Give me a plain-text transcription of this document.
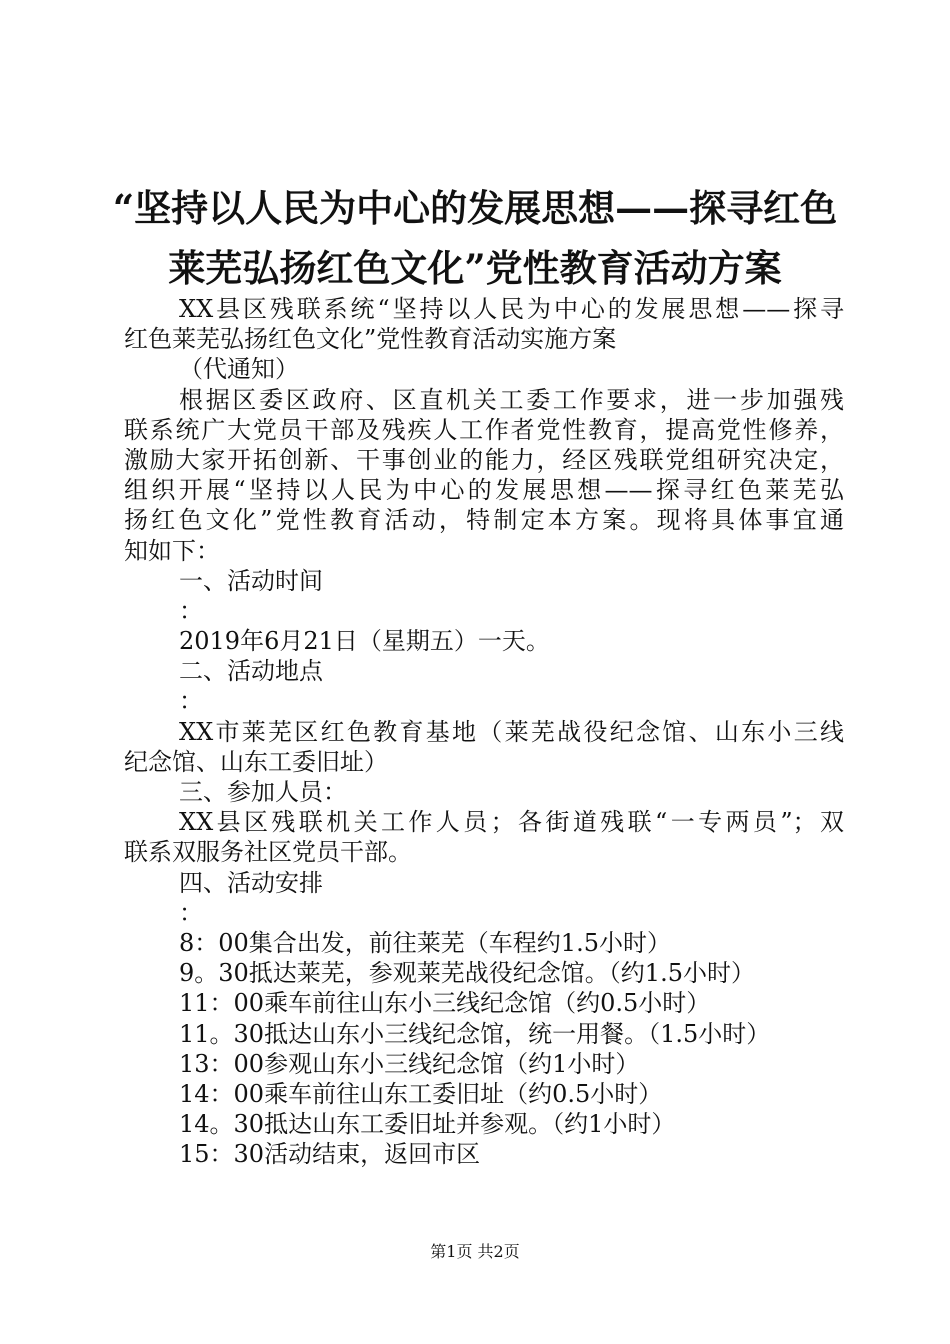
“坚持以人民为中心的发展思想——探寻红色
莱芜弘扬红色文化”党性教育活动方案
XX县区残联系统“坚持以人民为中心的发展思想——探寻
红色莱芜弘扬红色文化”党性教育活动实施方案
（代通知）
根据区委区政府、区直机关工委工作要求，进一步加强残
联系统广大党员干部及残疾人工作者党性教育，提高党性修养，
激励大家开拓创新、干事创业的能力，经区残联党组研究决定，
组织开展“坚持以人民为中心的发展思想——探寻红色莱芜弘
扬红色文化”党性教育活动，特制定本方案。现将具体事宜通
知如下：
一、活动时间
：
2019年6月21日（星期五）一天。
二、活动地点
：
XX市莱芜区红色教育基地（莱芜战役纪念馆、山东小三线
纪念馆、山东工委旧址）
三、参加人员：
XX县区残联机关工作人员；各街道残联“一专两员”；双
联系双服务社区党员干部。
四、活动安排
：
8：00集合出发，前往莱芜（车程约1.5小时）
9。30抵达莱芜，参观莱芜战役纪念馆。（约1.5小时）
11：00乘车前往山东小三线纪念馆（约0.5小时）
11。30抵达山东小三线纪念馆，统一用餐。（1.5小时）
13：00参观山东小三线纪念馆（约1小时）
14：00乘车前往山东工委旧址（约0.5小时）
14。30抵达山东工委旧址并参观。（约1小时）
15：30活动结束，返回市区
第1页 共2页
